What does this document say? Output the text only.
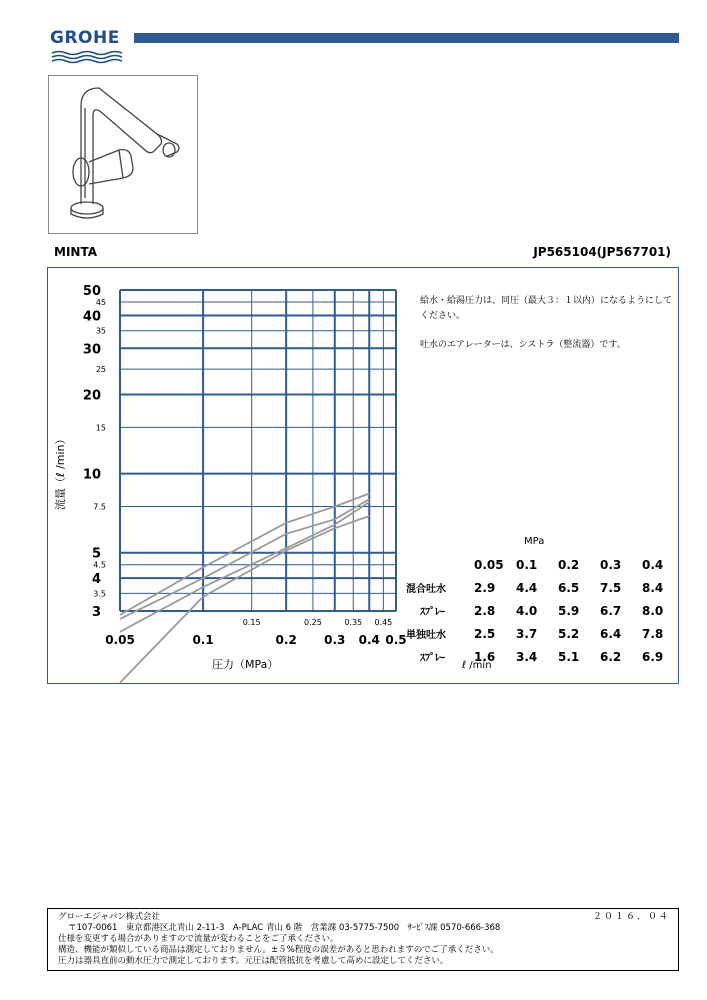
GROHE
MINTA	JP565104(JP567701)
0.05	0.1	0.2 0.3 0.4 0.5
0.15	0.25	0.35 0.45
3
4
5
10
20
30
40
50
3.5
4.5
7.5
15
25
35
45
圧力（MPa）
流量（ℓ /min）
給水・給湯圧力は、同圧（最大３：１以内）になるようにしてください。
吐水のエアレーターは、シストラ（整流器）です。
	MPa				
	0.05	0.1	0.2	0.3	0.4
混合吐水	2.9	4.4	6.5	7.5	8.4
ｽﾌﾟﾚｰ	2.8	4.0	5.9	6.7	8.0
単独吐水	2.5	3.7	5.2	6.4	7.8
ｽﾌﾟﾚｰ	1.6	3.4	5.1	6.2	6.9
ℓ /min
２０１６．０４
グローエジャパン株式会社
〒107-0061　東京都港区北青山 2-11-3　A-PLAC 青山 6 階　営業課 03-5775-7500　ｻｰﾋﾞｽ課 0570-666-368
仕様を変更する場合がありますので流量が変わることをご了承ください。
構造、機能が類似している商品は測定しておりません。±５%程度の誤差があると思われますのでご了承ください。
圧力は器具直前の動水圧力で測定しております。元圧は配管抵抗を考慮して高めに設定してください。
